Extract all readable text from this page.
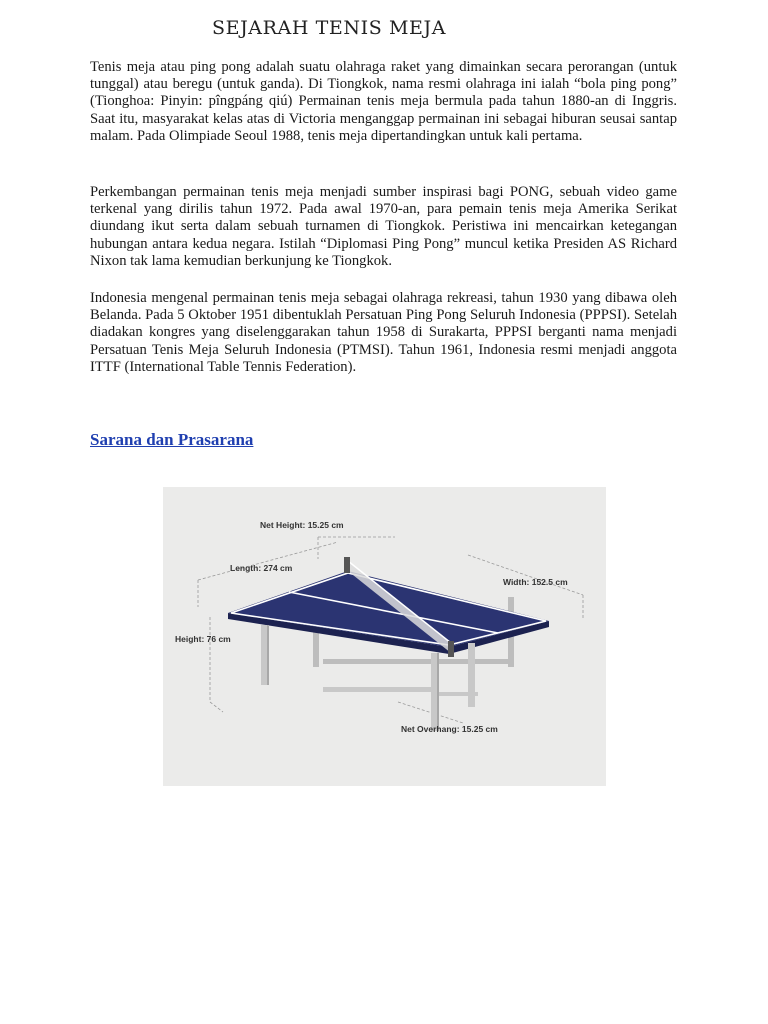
SEJARAH TENIS MEJA

Tenis meja atau ping pong adalah suatu olahraga raket yang dimainkan secara perorangan (untuk tunggal) atau beregu (untuk ganda). Di Tiongkok, nama resmi olahraga ini ialah “bola ping pong” (Tionghoa: Pinyin: pîngpáng qiú) Permainan tenis meja bermula pada tahun 1880-an di Inggris. Saat itu, masyarakat kelas atas di Victoria menganggap permainan ini sebagai hiburan seusai santap malam. Pada Olimpiade Seoul 1988, tenis meja dipertandingkan untuk kali pertama.

Perkembangan permainan tenis meja menjadi sumber inspirasi bagi PONG, sebuah video game terkenal yang dirilis tahun 1972. Pada awal 1970-an, para pemain tenis meja Amerika Serikat diundang ikut serta dalam sebuah turnamen di Tiongkok. Peristiwa ini mencairkan ketegangan hubungan antara kedua negara. Istilah “Diplomasi Ping Pong” muncul ketika Presiden AS Richard Nixon tak lama kemudian berkunjung ke Tiongkok.

Indonesia mengenal permainan tenis meja sebagai olahraga rekreasi, tahun 1930 yang dibawa oleh Belanda. Pada 5 Oktober 1951 dibentuklah Persatuan Ping Pong Seluruh Indonesia (PPPSI). Setelah diadakan kongres yang diselenggarakan tahun 1958 di Surakarta, PPPSI berganti nama menjadi Persatuan Tenis Meja Seluruh Indonesia (PTMSI). Tahun 1961, Indonesia resmi menjadi anggota ITTF (International Table Tennis Federation).

Sarana dan Prasarana
Net Height: 15.25 cm
Length: 274 cm
Width: 152.5 cm
Height: 76 cm
Net Overhang: 15.25 cm
